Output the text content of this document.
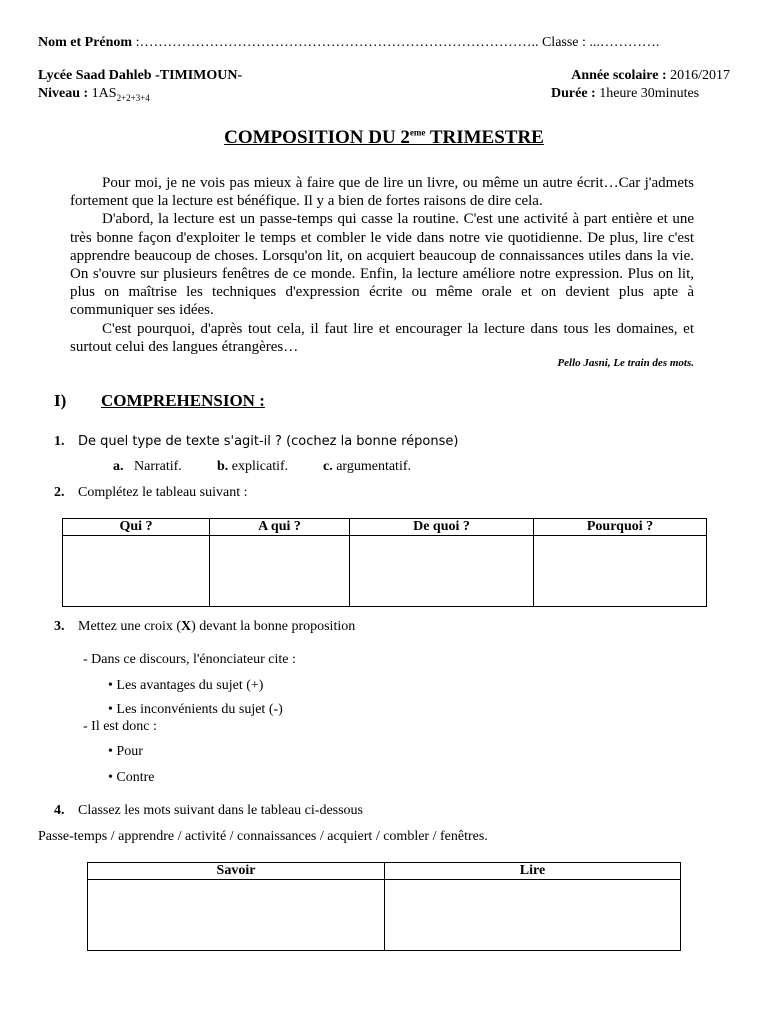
Nom et Prénom :………………………………………………………………………….. Classe : ...………….
Lycée Saad Dahleb -TIMIMOUN-	Année scolaire : 2016/2017
Niveau : $1AS_{2+2+3+4}$	Durée : 1heure 30minutes
COMPOSITION DU 2eme TRIMESTRE

Pour moi, je ne vois pas mieux à faire que de lire un livre, ou même un autre écrit…Car j'admets fortement que la lecture est bénéfique. Il y a bien de fortes raisons de dire cela.

D'abord, la lecture est un passe-temps qui casse la routine. C'est une activité à part entière et une très bonne façon d'exploiter le temps et combler le vide dans notre vie quotidienne. De plus, lire c'est apprendre beaucoup de choses. Lorsqu'on lit, on acquiert beaucoup de connaissances utiles dans la vie. On s'ouvre sur plusieurs fenêtres de ce monde. Enfin, la lecture améliore notre expression. Plus on lit, plus on maîtrise les techniques d'expression écrite ou même orale et on devient plus apte à communiquer ses idées.

C'est pourquoi, d'après tout cela, il faut lire et encourager la lecture dans tous les domaines, et surtout celui des langues étrangères…

Pello Jasni, Le train des mots.
I) COMPREHENSION :
1. De quel type de texte s'agit-il ? (cochez la bonne réponse)
a. Narratif.	b. explicatif. c. argumentatif.
2. Complétez le tableau suivant :
Qui ?	A qui ?	De quoi ?	Pourquoi ?

3. Mettez une croix (X) devant la bonne proposition
- Dans ce discours, l'énonciateur cite :
• Les avantages du sujet (+)
• Les inconvénients du sujet (-)
- Il est donc :
• Pour
• Contre
4. Classez les mots suivant dans le tableau ci-dessous
Passe-temps / apprendre / activité / connaissances / acquiert / combler / fenêtres.
Savoir	Lire
